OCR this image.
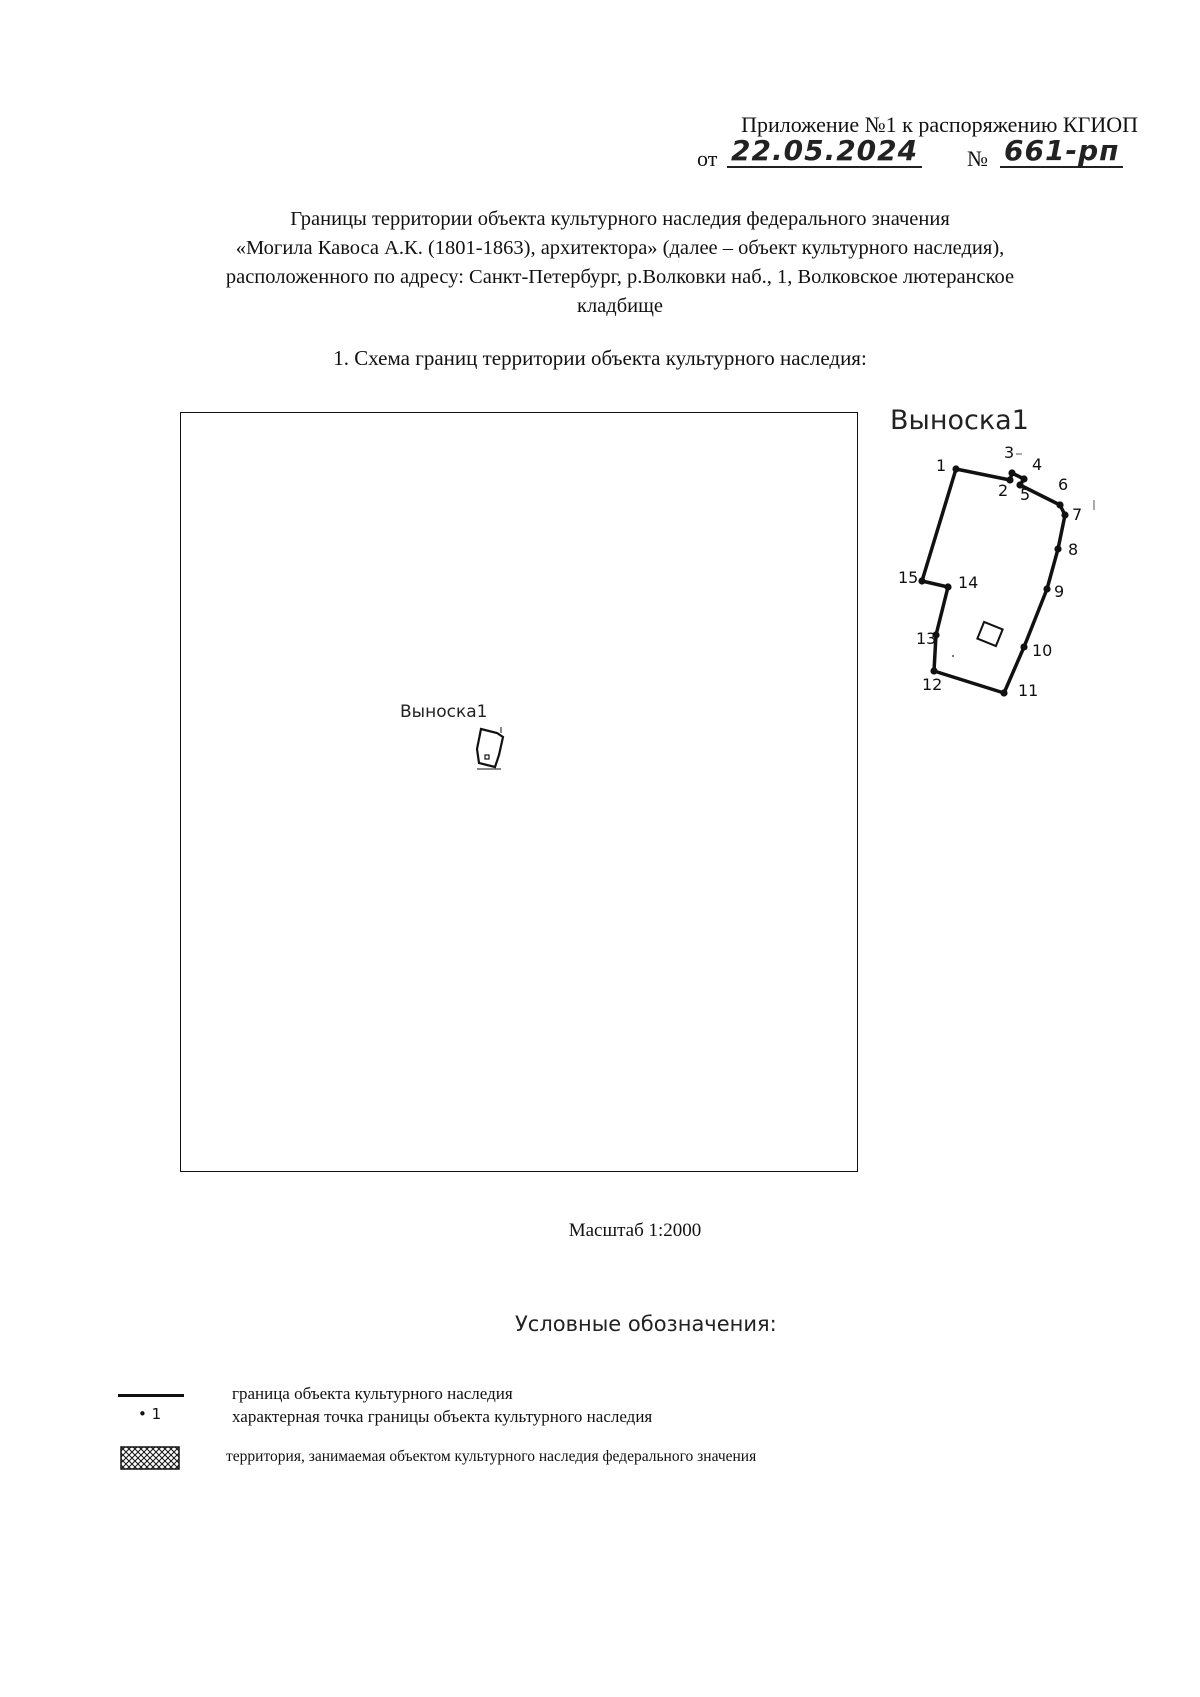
Приложение №1 к распоряжению КГИОП
от 22.05.2024 № 661-рп
Границы территории объекта культурного наследия федерального значения
«Могила Кавоса А.К. (1801-1863), архитектора» (далее – объект культурного наследия),
расположенного по адресу: Санкт-Петербург, р.Волковки наб., 1, Волковское лютеранское
кладбище
1. Схема границ территории объекта культурного наследия:
Выноска1
Выноска1
1
2
3
4
5
6
7
8
9
10
11
12
13
14
15
Масштаб 1:2000
Условные обозначения:
граница объекта культурного наследия
• 1	характерная точка границы объекта культурного наследия
территория, занимаемая объектом культурного наследия федерального значения
